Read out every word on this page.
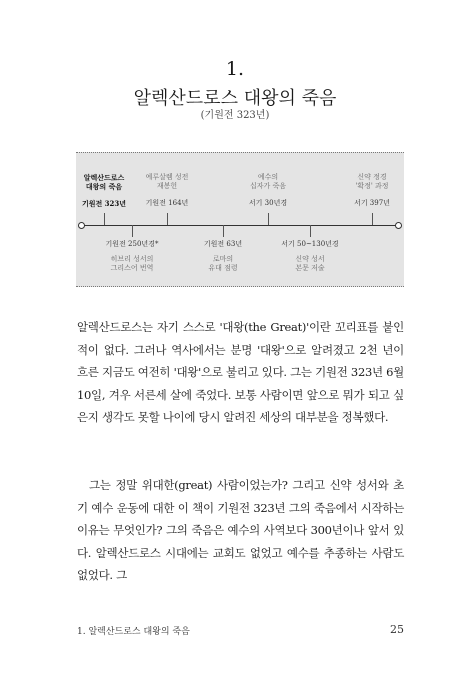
1.
알렉산드로스 대왕의 죽음
(기원전 323년)
알렉산드로스
대왕의 죽음
기원전 323년
예루살렘 성전
재봉헌
기원전 164년
예수의
십자가 죽음
서기 30년경
신약 정경
'확정' 과정
서기 397년
기원전 250년경*
히브리 성서의
그리스어 번역
기원전 63년
로마의
유대 점령
서기 50~130년경
신약 성서
본문 저술
알렉산드로스는 자기 스스로 '대왕(the Great)'이란 꼬리표를 붙인 적이 없다. 그러나 역사에서는 분명 '대왕'으로 알려졌고 2천 년이 흐른 지금도 여전히 '대왕'으로 불리고 있다. 그는 기원전 323년 6월 10일, 겨우 서른세 살에 죽었다. 보통 사람이면 앞으로 뭐가 되고 싶은지 생각도 못할 나이에 당시 알려진 세상의 대부분을 정복했다.
그는 정말 위대한(great) 사람이었는가? 그리고 신약 성서와 초기 예수 운동에 대한 이 책이 기원전 323년 그의 죽음에서 시작하는 이유는 무엇인가? 그의 죽음은 예수의 사역보다 300년이나 앞서 있다. 알렉산드로스 시대에는 교회도 없었고 예수를 추종하는 사람도 없었다. 그
1. 알렉산드로스 대왕의 죽음	25
